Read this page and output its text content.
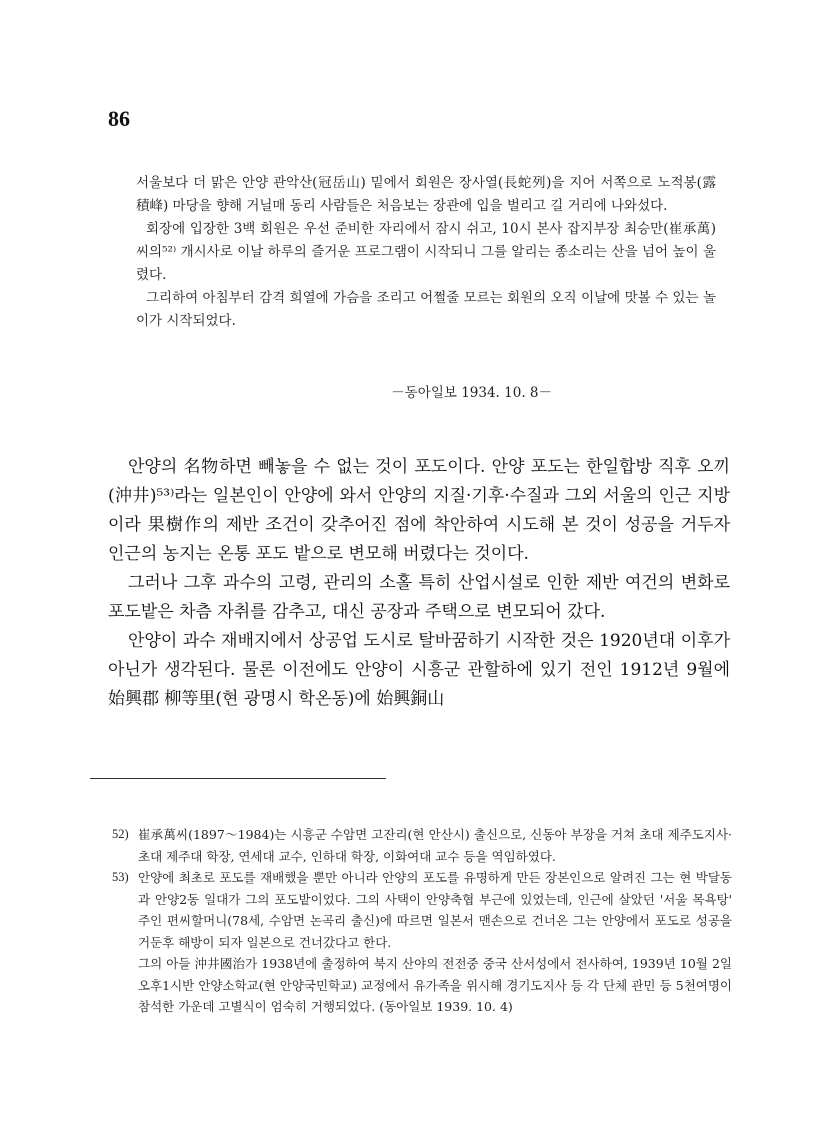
86

서울보다 더 맑은 안양 관악산(冠岳山) 밑에서 회원은 장사열(長蛇列)을 지어 서쪽으로 노적봉(露積峰) 마당을 향해 거닐매 동리 사람들은 처음보는 장관에 입을 벌리고 길 거리에 나와섰다.

회장에 입장한 3백 회원은 우선 준비한 자리에서 잠시 쉬고, 10시 본사 잡지부장 최승만(崔承萬)씨의⁵²⁾ 개시사로 이날 하루의 즐거운 프로그램이 시작되니 그를 알리는 종소리는 산을 넘어 높이 울렸다.

그리하여 아침부터 감격 희열에 가슴을 조리고 어쩔줄 모르는 회원의 오직 이날에 맛볼 수 있는 놀이가 시작되었다.

－동아일보 1934. 10. 8－

안양의 名物하면 빼놓을 수 없는 것이 포도이다. 안양 포도는 한일합방 직후 오끼(沖井)⁵³⁾라는 일본인이 안양에 와서 안양의 지질·기후·수질과 그외 서울의 인근 지방이라 果樹作의 제반 조건이 갖추어진 점에 착안하여 시도해 본 것이 성공을 거두자 인근의 농지는 온통 포도 밭으로 변모해 버렸다는 것이다.

그러나 그후 과수의 고령, 관리의 소홀 특히 산업시설로 인한 제반 여건의 변화로 포도밭은 차츰 자취를 감추고, 대신 공장과 주택으로 변모되어 갔다.

안양이 과수 재배지에서 상공업 도시로 탈바꿈하기 시작한 것은 1920년대 이후가 아닌가 생각된다. 물론 이전에도 안양이 시흥군 관할하에 있기 전인 1912년 9월에 始興郡 柳等里(현 광명시 학온동)에 始興銅山

52) 崔承萬씨(1897～1984)는 시흥군 수암면 고잔리(현 안산시) 출신으로, 신동아 부장을 거쳐 초대 제주도지사·초대 제주대 학장, 연세대 교수, 인하대 학장, 이화여대 교수 등을 역임하였다.

53) 안양에 최초로 포도를 재배했을 뿐만 아니라 안양의 포도를 유명하게 만든 장본인으로 알려진 그는 현 박달동과 안양2동 일대가 그의 포도밭이었다. 그의 사택이 안양축협 부근에 있었는데, 인근에 살았던 '서울 목욕탕' 주인 편씨할머니(78세, 수암면 논곡리 출신)에 따르면 일본서 맨손으로 건너온 그는 안양에서 포도로 성공을 거둔후 해방이 되자 일본으로 건너갔다고 한다.

그의 아들 沖井國治가 1938년에 출정하여 북지 산야의 전전중 중국 산서성에서 전사하여, 1939년 10월 2일 오후1시반 안양소학교(현 안양국민학교) 교정에서 유가족을 위시해 경기도지사 등 각 단체 관민 등 5천여명이 참석한 가운데 고별식이 엄숙히 거행되었다. (동아일보 1939. 10. 4)
